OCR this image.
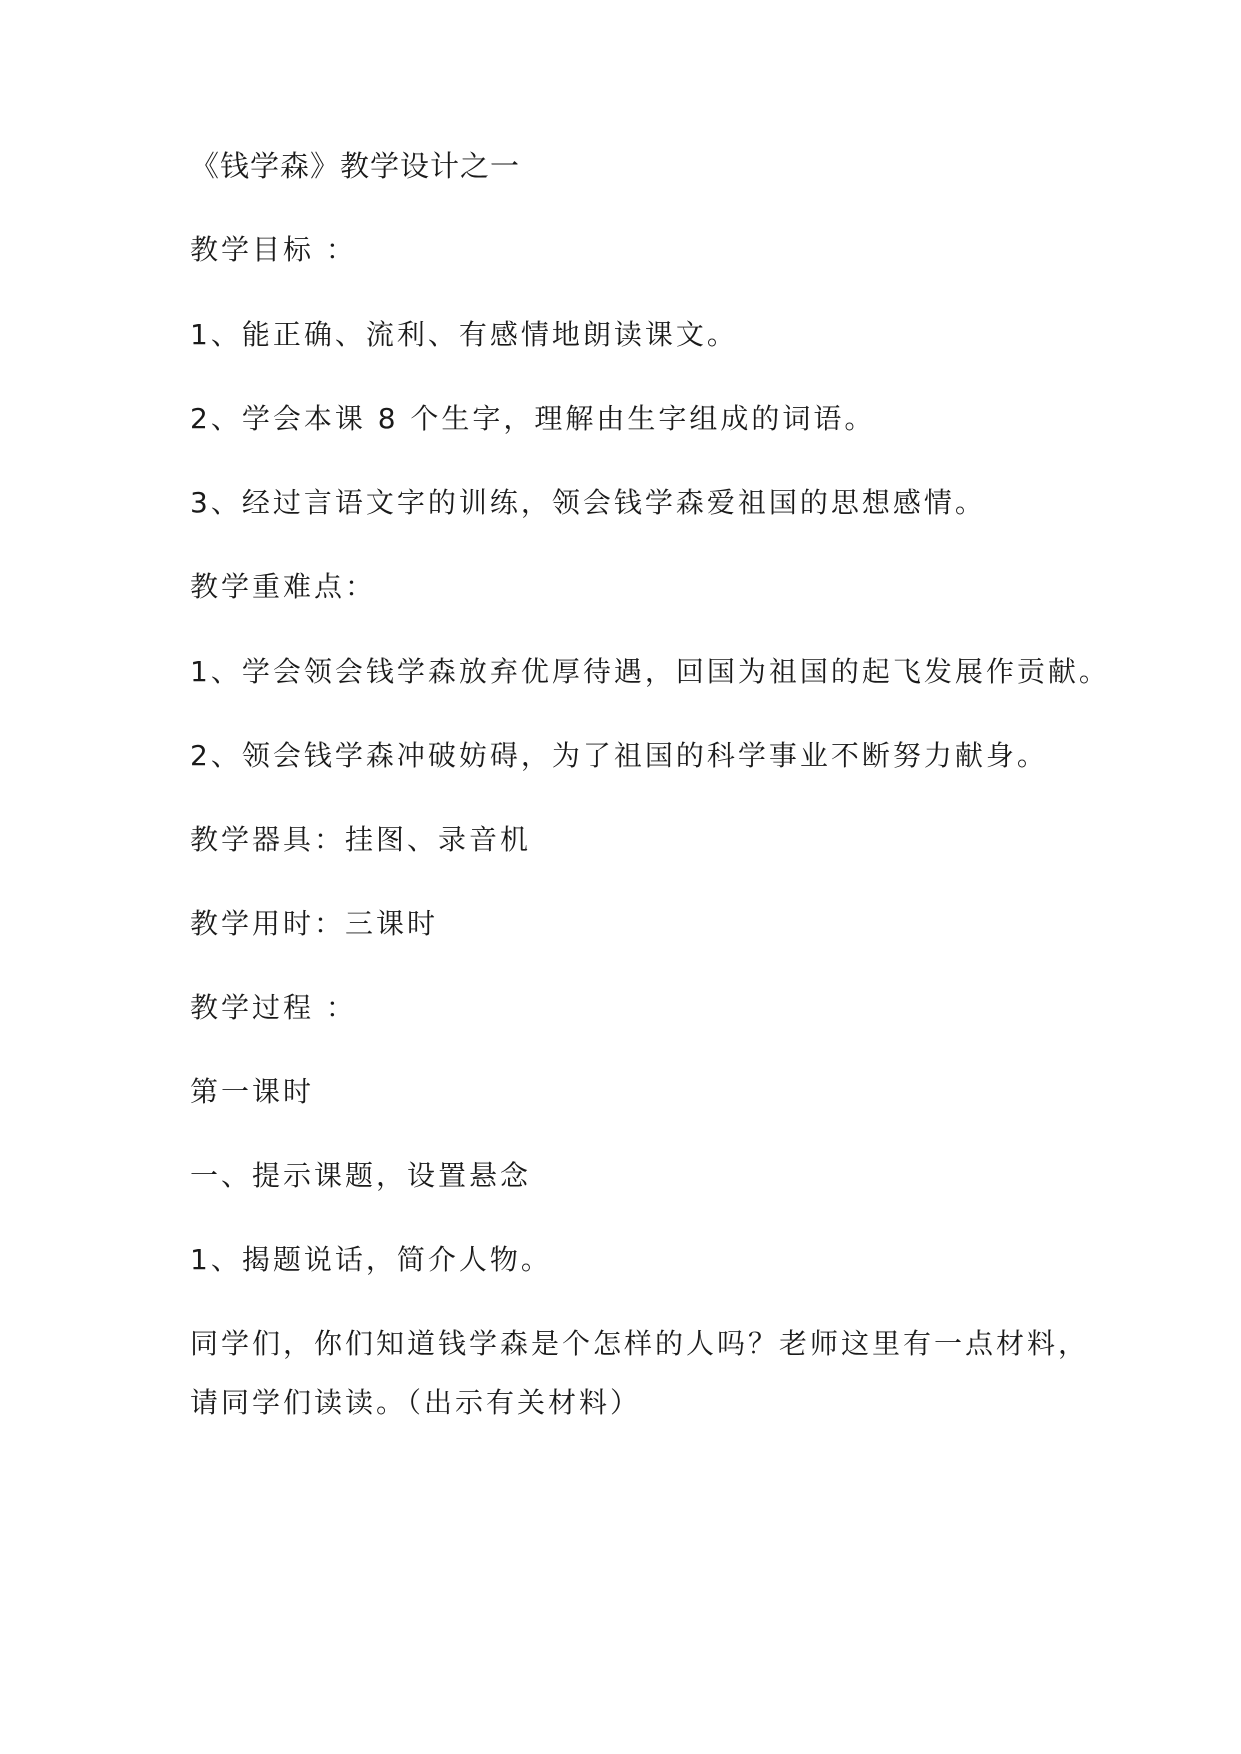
《钱学森》教学设计之一

教学目标 ：

1、能正确、流利、有感情地朗读课文。

2、学会本课 8 个生字，理解由生字组成的词语。

3、经过言语文字的训练，领会钱学森爱祖国的思想感情。

教学重难点：

1、学会领会钱学森放弃优厚待遇，回国为祖国的起飞发展作贡献。

2、领会钱学森冲破妨碍，为了祖国的科学事业不断努力献身。

教学器具：挂图、录音机

教学用时：三课时

教学过程 ：

第一课时

一、提示课题，设置悬念

1、揭题说话，简介人物。

同学们，你们知道钱学森是个怎样的人吗？老师这里有一点材料，

请同学们读读。（出示有关材料）
